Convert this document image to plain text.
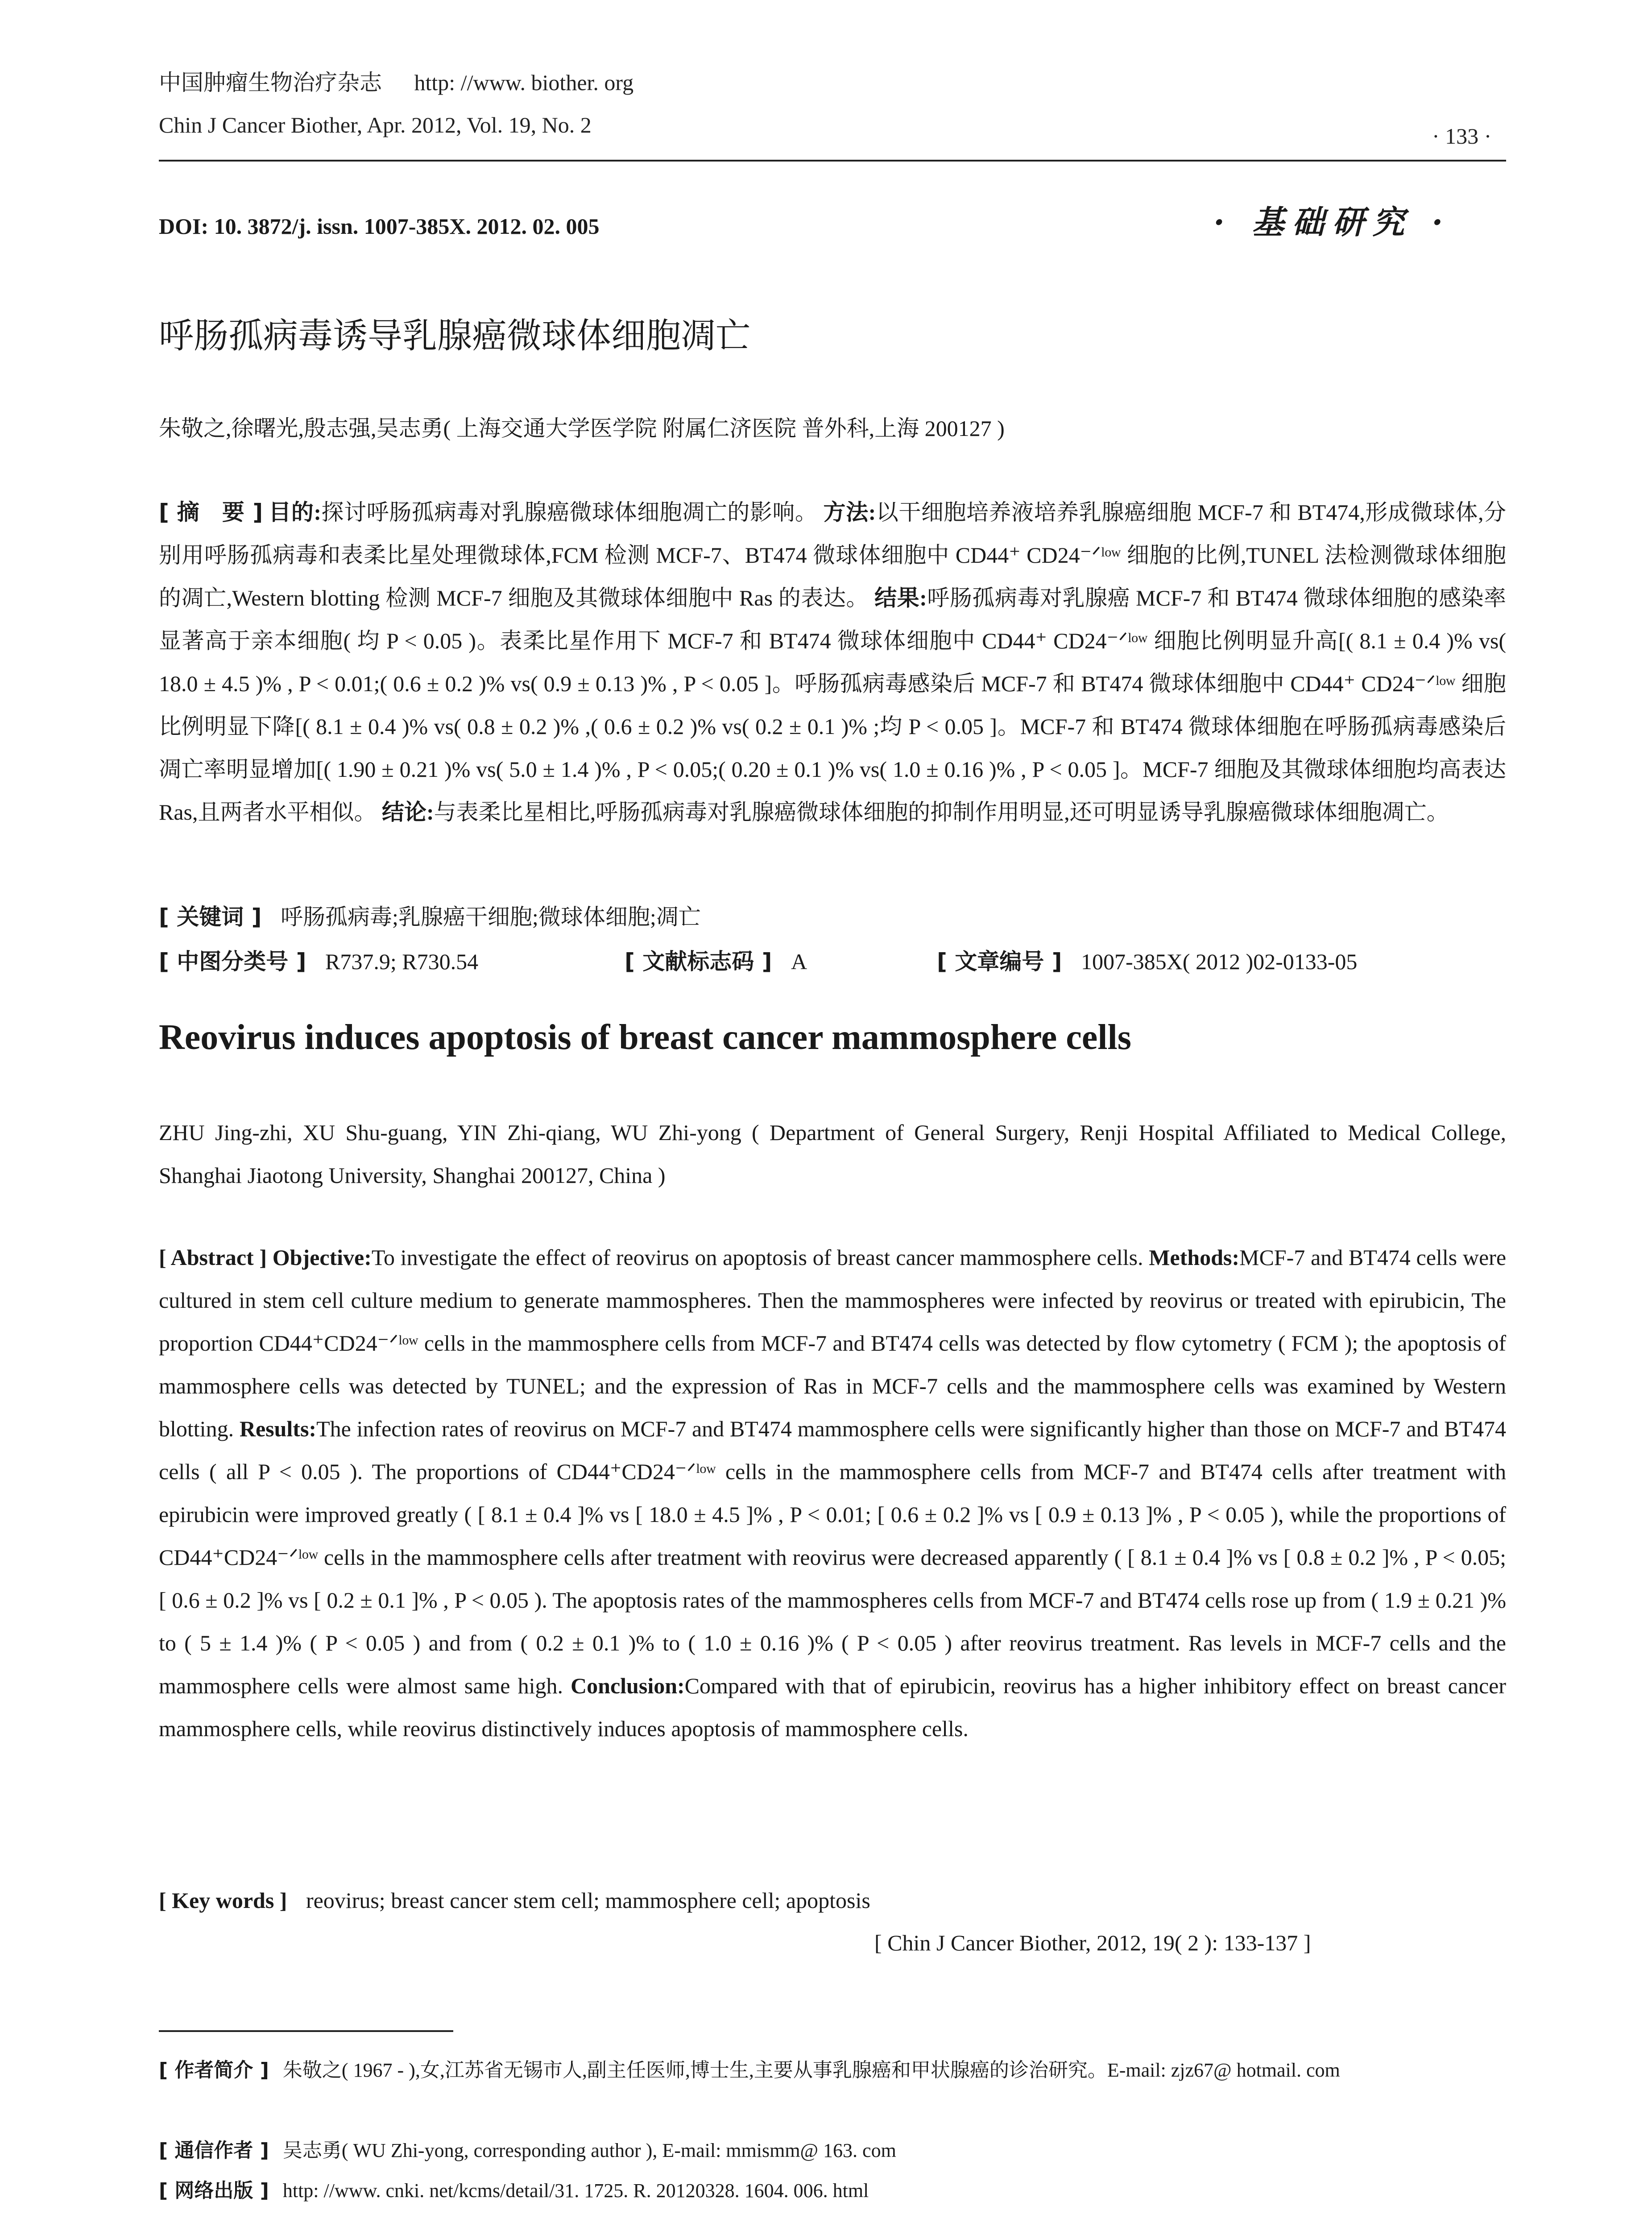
中国肿瘤生物治疗杂志 http: //www. biother. org
Chin J Cancer Biother, Apr. 2012, Vol. 19, No. 2	· 133 ·
DOI: 10. 3872/j. issn. 1007-385X. 2012. 02. 005	· 基础研究 ·
呼肠孤病毒诱导乳腺癌微球体细胞凋亡
朱敬之,徐曙光,殷志强,吴志勇( 上海交通大学医学院 附属仁济医院 普外科,上海 200127 )
[ 摘　要 ] 目的:探讨呼肠孤病毒对乳腺癌微球体细胞凋亡的影响。 方法:以干细胞培养液培养乳腺癌细胞 MCF-7 和 BT474,形成微球体,分别用呼肠孤病毒和表柔比星处理微球体,FCM 检测 MCF-7、BT474 微球体细胞中 CD44⁺ CD24⁻ᐟˡᵒʷ 细胞的比例,TUNEL 法检测微球体细胞的凋亡,Western blotting 检测 MCF-7 细胞及其微球体细胞中 Ras 的表达。 结果:呼肠孤病毒对乳腺癌 MCF-7 和 BT474 微球体细胞的感染率显著高于亲本细胞( 均 P < 0.05 )。表柔比星作用下 MCF-7 和 BT474 微球体细胞中 CD44⁺ CD24⁻ᐟˡᵒʷ 细胞比例明显升高[( 8.1 ± 0.4 )% vs( 18.0 ± 4.5 )% , P < 0.01;( 0.6 ± 0.2 )% vs( 0.9 ± 0.13 )% , P < 0.05 ]。呼肠孤病毒感染后 MCF-7 和 BT474 微球体细胞中 CD44⁺ CD24⁻ᐟˡᵒʷ 细胞比例明显下降[( 8.1 ± 0.4 )% vs( 0.8 ± 0.2 )% ,( 0.6 ± 0.2 )% vs( 0.2 ± 0.1 )% ;均 P < 0.05 ]。MCF-7 和 BT474 微球体细胞在呼肠孤病毒感染后凋亡率明显增加[( 1.90 ± 0.21 )% vs( 5.0 ± 1.4 )% , P < 0.05;( 0.20 ± 0.1 )% vs( 1.0 ± 0.16 )% , P < 0.05 ]。MCF-7 细胞及其微球体细胞均高表达 Ras,且两者水平相似。 结论:与表柔比星相比,呼肠孤病毒对乳腺癌微球体细胞的抑制作用明显,还可明显诱导乳腺癌微球体细胞凋亡。
[ 关键词 ] 呼肠孤病毒;乳腺癌干细胞;微球体细胞;凋亡
[ 中图分类号 ] R737.9; R730.54	[ 文献标志码 ] A	[ 文章编号 ] 1007-385X( 2012 )02-0133-05
Reovirus induces apoptosis of breast cancer mammosphere cells
ZHU Jing-zhi, XU Shu-guang, YIN Zhi-qiang, WU Zhi-yong ( Department of General Surgery, Renji Hospital Affiliated to Medical College, Shanghai Jiaotong University, Shanghai 200127, China )
[ Abstract ] Objective:To investigate the effect of reovirus on apoptosis of breast cancer mammosphere cells. Methods:MCF-7 and BT474 cells were cultured in stem cell culture medium to generate mammospheres. Then the mammospheres were infected by reovirus or treated with epirubicin, The proportion CD44⁺CD24⁻ᐟˡᵒʷ cells in the mammosphere cells from MCF-7 and BT474 cells was detected by flow cytometry ( FCM ); the apoptosis of mammosphere cells was detected by TUNEL; and the expression of Ras in MCF-7 cells and the mammosphere cells was examined by Western blotting. Results:The infection rates of reovirus on MCF-7 and BT474 mammosphere cells were significantly higher than those on MCF-7 and BT474 cells ( all P < 0.05 ). The proportions of CD44⁺CD24⁻ᐟˡᵒʷ cells in the mammosphere cells from MCF-7 and BT474 cells after treatment with epirubicin were improved greatly ( [ 8.1 ± 0.4 ]% vs [ 18.0 ± 4.5 ]% , P < 0.01; [ 0.6 ± 0.2 ]% vs [ 0.9 ± 0.13 ]% , P < 0.05 ), while the proportions of CD44⁺CD24⁻ᐟˡᵒʷ cells in the mammosphere cells after treatment with reovirus were decreased apparently ( [ 8.1 ± 0.4 ]% vs [ 0.8 ± 0.2 ]% , P < 0.05; [ 0.6 ± 0.2 ]% vs [ 0.2 ± 0.1 ]% , P < 0.05 ). The apoptosis rates of the mammospheres cells from MCF-7 and BT474 cells rose up from ( 1.9 ± 0.21 )% to ( 5 ± 1.4 )% ( P < 0.05 ) and from ( 0.2 ± 0.1 )% to ( 1.0 ± 0.16 )% ( P < 0.05 ) after reovirus treatment. Ras levels in MCF-7 cells and the mammosphere cells were almost same high. Conclusion:Compared with that of epirubicin, reovirus has a higher inhibitory effect on breast cancer mammosphere cells, while reovirus distinctively induces apoptosis of mammosphere cells.
[ Key words ] reovirus; breast cancer stem cell; mammosphere cell; apoptosis
[ Chin J Cancer Biother, 2012, 19( 2 ): 133-137 ]
[ 作者简介 ] 朱敬之( 1967 - ),女,江苏省无锡市人,副主任医师,博士生,主要从事乳腺癌和甲状腺癌的诊治研究。E-mail: zjz67@ hotmail. com
[ 通信作者 ] 吴志勇( WU Zhi-yong, corresponding author ), E-mail: mmismm@ 163. com
[ 网络出版 ] http: //www. cnki. net/kcms/detail/31. 1725. R. 20120328. 1604. 006. html
